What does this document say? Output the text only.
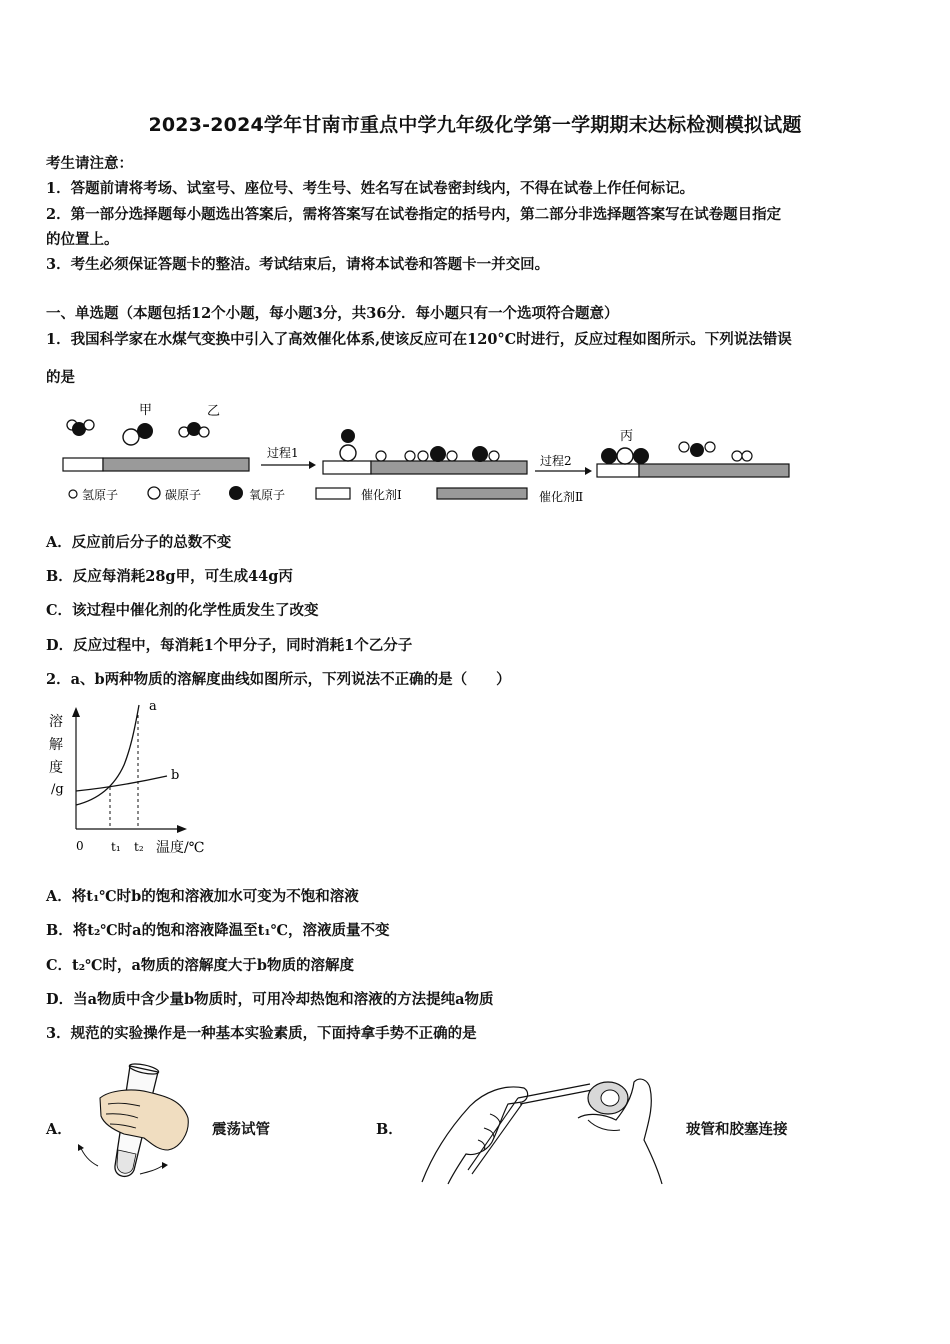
2023-2024学年甘南市重点中学九年级化学第一学期期末达标检测模拟试题
考生请注意：
1．答题前请将考场、试室号、座位号、考生号、姓名写在试卷密封线内，不得在试卷上作任何标记。
2．第一部分选择题每小题选出答案后，需将答案写在试卷指定的括号内，第二部分非选择题答案写在试卷题目指定
的位置上。
3．考生必须保证答题卡的整洁。考试结束后，请将本试卷和答题卡一并交回。
一、单选题（本题包括12个小题，每小题3分，共36分．每小题只有一个选项符合题意）
1．我国科学家在水煤气变换中引入了高效催化体系,使该反应可在120°C时进行，反应过程如图所示。下列说法错误
的是
甲	乙
过程1
过程2
丙
氢原子	碳原子	氧原子	催化剂Ⅰ	催化剂Ⅱ
A．反应前后分子的总数不变
B．反应每消耗28g甲，可生成44g丙
C．该过程中催化剂的化学性质发生了改变
D．反应过程中，每消耗1个甲分子，同时消耗1个乙分子
2．a、b两种物质的溶解度曲线如图所示，下列说法不正确的是（　　）
溶
解
度
/g
a
b
0 t₁ t₂ 温度/℃
A．将t₁℃时b的饱和溶液加水可变为不饱和溶液
B．将t₂℃时a的饱和溶液降温至t₁℃，溶液质量不变
C．t₂℃时，a物质的溶解度大于b物质的溶解度
D．当a物质中含少量b物质时，可用冷却热饱和溶液的方法提纯a物质
3．规范的实验操作是一种基本实验素质，下面持拿手势不正确的是
A．	震荡试管	B．	玻管和胶塞连接
